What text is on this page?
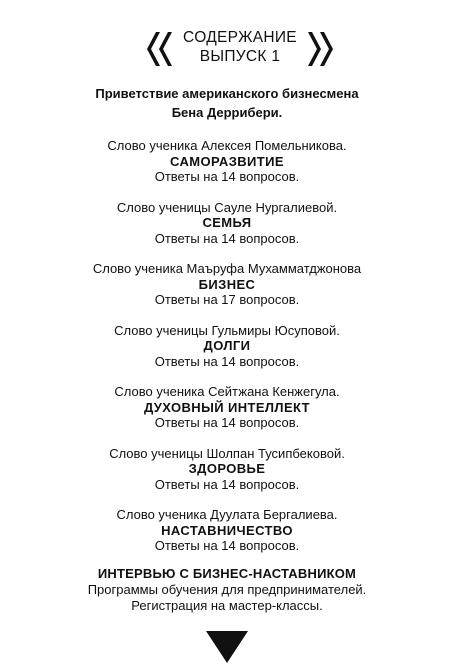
СОДЕРЖАНИЕ
ВЫПУСК 1
Приветствие американского бизнесмена
Бена Деррибери.
Слово ученика Алексея Помельникова.
САМОРАЗВИТИЕ
Ответы на 14 вопросов.
Слово ученицы Сауле Нургалиевой.
СЕМЬЯ
Ответы на 14 вопросов.
Слово ученика Маъруфа Мухамматджонова
БИЗНЕС
Ответы на 17 вопросов.
Слово ученицы Гульмиры Юсуповой.
ДОЛГИ
Ответы на 14 вопросов.
Слово ученика Сейтжана Кенжегула.
ДУХОВНЫЙ ИНТЕЛЛЕКТ
Ответы на 14 вопросов.
Слово ученицы Шолпан Тусипбековой.
ЗДОРОВЬЕ
Ответы на 14 вопросов.
Слово ученика Дуулата Бергалиева.
НАСТАВНИЧЕСТВО
Ответы на 14 вопросов.
ИНТЕРВЬЮ С БИЗНЕС-НАСТАВНИКОМ
Программы обучения для предпринимателей.
Регистрация на мастер-классы.
